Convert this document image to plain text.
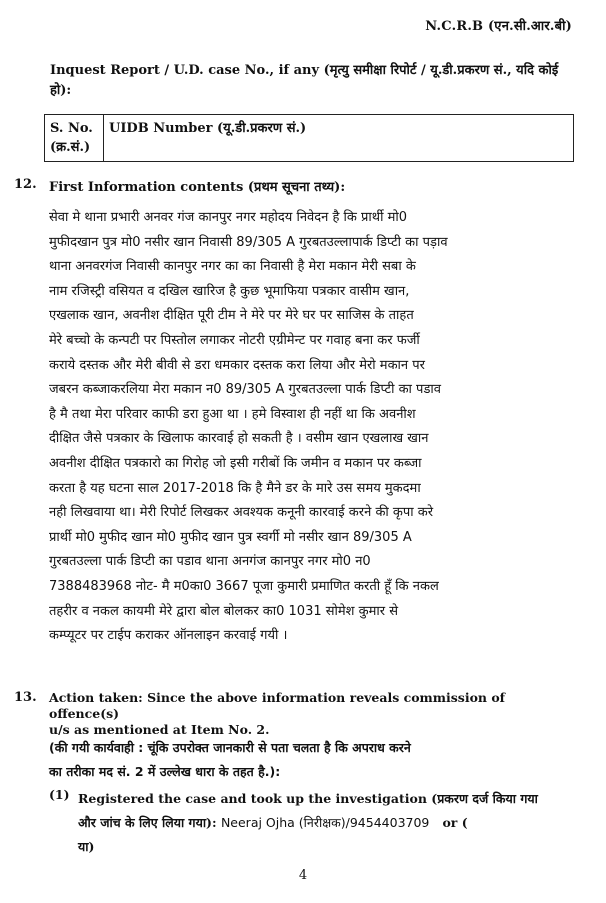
N.C.R.B (एन.सी.आर.बी)
Inquest Report / U.D. case No., if any (मृत्यु समीक्षा रिपोर्ट / यू.डी.प्रकरण सं., यदि कोई हो):
S. No.
(क्र.सं.)
	UIDB Number (यू.डी.प्रकरण सं.)
12. First Information contents (प्रथम सूचना तथ्य):
सेवा मे थाना प्रभारी अनवर गंज कानपुर नगर महोदय निवेदन है कि प्रार्थी मो0
मुफीदखान पुत्र मो0 नसीर खान निवासी 89/305 A गुरबतउल्लापार्क डिप्टी का पड़ाव
थाना अनवरगंज निवासी कानपुर नगर का का निवासी है मेरा मकान मेरी सबा के
नाम रजिस्ट्री वसियत व दखिल खारिज है कुछ भूमाफिया पत्रकार वासीम खान,
एखलाक खान, अवनीश दीक्षित पूरी टीम ने मेरे पर मेरे घर पर साजिस के ताहत
मेरे बच्चो के कन्पटी पर पिस्तोल लगाकर नोटरी एग्रीमेन्ट पर गवाह बना कर फर्जी
कराये दस्तक और मेरी बीवी से डरा धमकार दस्तक करा लिया और मेरो मकान पर
जबरन कब्जाकरलिया मेरा मकान न0 89/305 A गुरबतउल्ला पार्क डिप्टी का पडाव
है मै तथा मेरा परिवार काफी डरा हुआ था । हमे विस्वाश ही नहीं था कि अवनीश
दीक्षित जैसे पत्रकार के खिलाफ कारवाई हो सकती है । वसीम खान एखलाख खान
अवनीश दीक्षित पत्रकारो का गिरोह जो इसी गरीबों कि जमीन व मकान पर कब्जा
करता है यह घटना साल 2017-2018 कि है मैने डर के मारे उस समय मुकदमा
नही लिखवाया था। मेरी रिपोर्ट लिखकर अवश्यक कनूनी कारवाई करने की कृपा करे
प्रार्थी मो0 मुफीद खान मो0 मुफीद खान पुत्र स्वर्गी मो नसीर खान 89/305 A
गुरबतउल्ला पार्क डिप्टी का पडाव थाना अनगंज कानपुर नगर मो0 न0
7388483968 नोट- मै म0का0 3667 पूजा कुमारी प्रमाणित करती हूँ कि नकल
तहरीर व नकल कायमी मेरे द्वारा बोल बोलकर का0 1031 सोमेश कुमार से
कम्प्यूटर पर टाईप कराकर ऑनलाइन करवाई गयी ।
13. Action taken: Since the above information reveals commission of offence(s)
u/s as mentioned at Item No. 2.
(की गयी कार्यवाही : चूंकि उपरोक्त जानकारी से पता चलता है कि अपराध करने
का तरीका मद सं. 2 में उल्लेख धारा के तहत है.):
(1) Registered the case and took up the investigation (प्रकरण दर्ज किया गया
और जांच के लिए लिया गया): Neeraj Ojha (निरीक्षक)/9454403709 or (
या)
4
